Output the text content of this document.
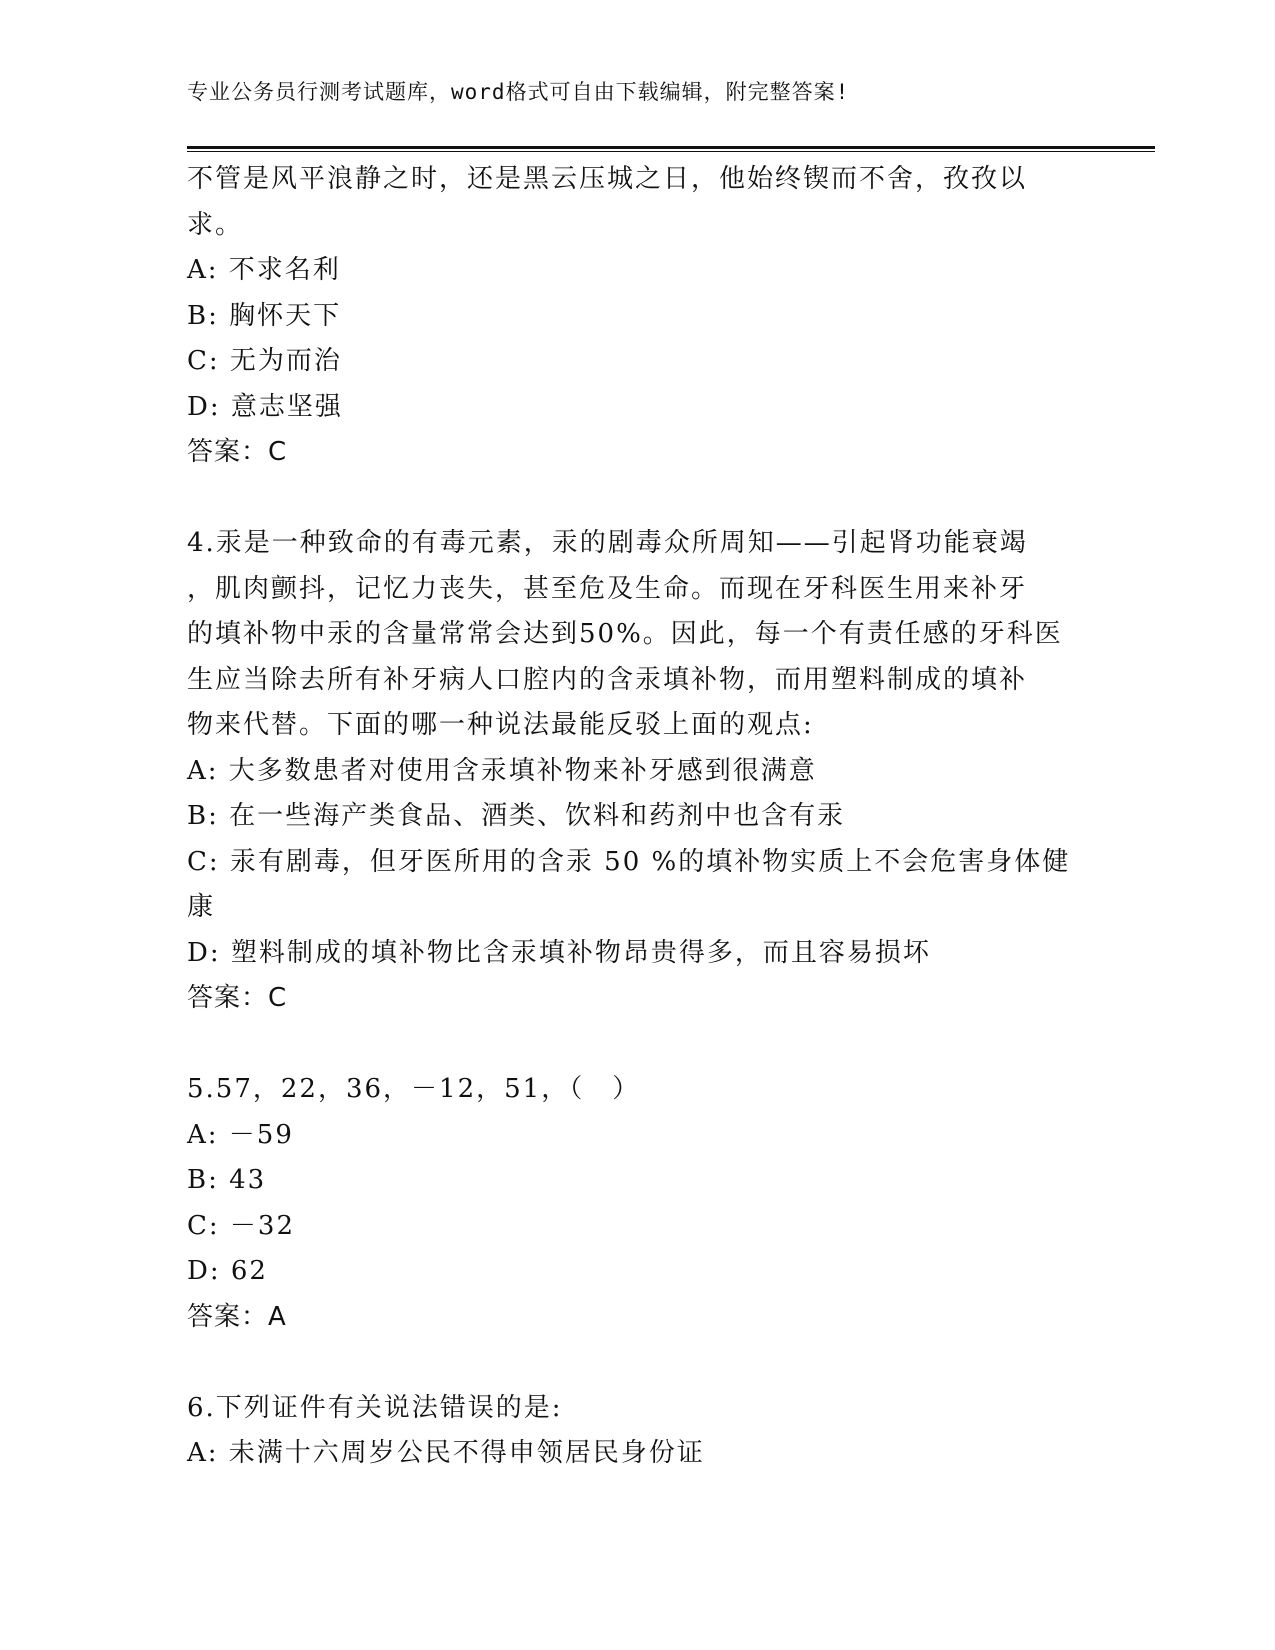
专业公务员行测考试题库，word格式可自由下载编辑，附完整答案!

不管是风平浪静之时，还是黑云压城之日，他始终锲而不舍，孜孜以

求。

A: 不求名利

B: 胸怀天下

C: 无为而治

D: 意志坚强

答案：C

4.汞是一种致命的有毒元素，汞的剧毒众所周知——引起肾功能衰竭

，肌肉颤抖，记忆力丧失，甚至危及生命。而现在牙科医生用来补牙

的填补物中汞的含量常常会达到50%。因此，每一个有责任感的牙科医

生应当除去所有补牙病人口腔内的含汞填补物，而用塑料制成的填补

物来代替。下面的哪一种说法最能反驳上面的观点:

A: 大多数患者对使用含汞填补物来补牙感到很满意

B: 在一些海产类食品、酒类、饮料和药剂中也含有汞

C: 汞有剧毒，但牙医所用的含汞 50 %的填补物实质上不会危害身体健

康

D: 塑料制成的填补物比含汞填补物昂贵得多，而且容易损坏

答案：C

5.57，22，36，－12，51，（　）

A: －59

B: 43

C: －32

D: 62

答案：A

6.下列证件有关说法错误的是:

A: 未满十六周岁公民不得申领居民身份证
